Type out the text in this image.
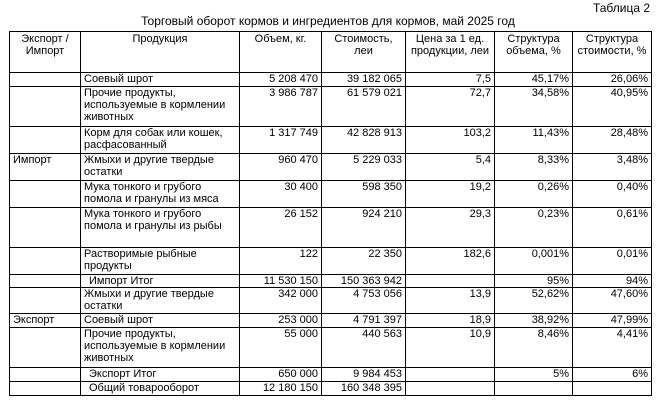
Таблица 2
Торговый оборот кормов и ингредиентов для кормов, май 2025 год
Экспорт / Импорт	Продукция	Объем, кг.	Стоимость, леи	Цена за 1 ед. продукции, леи	Структура объема, %	Структура стоимости, %
	Соевый шрот	5 208 470	39 182 065	7,5	45,17%	26,06%
	Прочие продукты, используемые в кормлении животных	3 986 787	61 579 021	72,7	34,58%	40,95%
	Корм для собак или кошек, расфасованный	1 317 749	42 828 913	103,2	11,43%	28,48%
Импорт	Жмыхи и другие твердые остатки	960 470	5 229 033	5,4	8,33%	3,48%
	Мука тонкого и грубого помола и гранулы из мяса	30 400	598 350	19,2	0,26%	0,40%
	Мука тонкого и грубого помола и гранулы из рыбы	26 152	924 210	29,3	0,23%	0,61%
	Растворимые рыбные продукты	122	22 350	182,6	0,001%	0,01%
	Импорт Итог	11 530 150	150 363 942		95%	94%
	Жмыхи и другие твердые остатки	342 000	4 753 056	13,9	52,62%	47,60%
Экспорт	Соевый шрот	253 000	4 791 397	18,9	38,92%	47,99%
	Прочие продукты, используемые в кормлении животных	55 000	440 563	10,9	8,46%	4,41%
	Экспорт Итог	650 000	9 984 453		5%	6%
	Общий товарооборот	12 180 150	160 348 395			
